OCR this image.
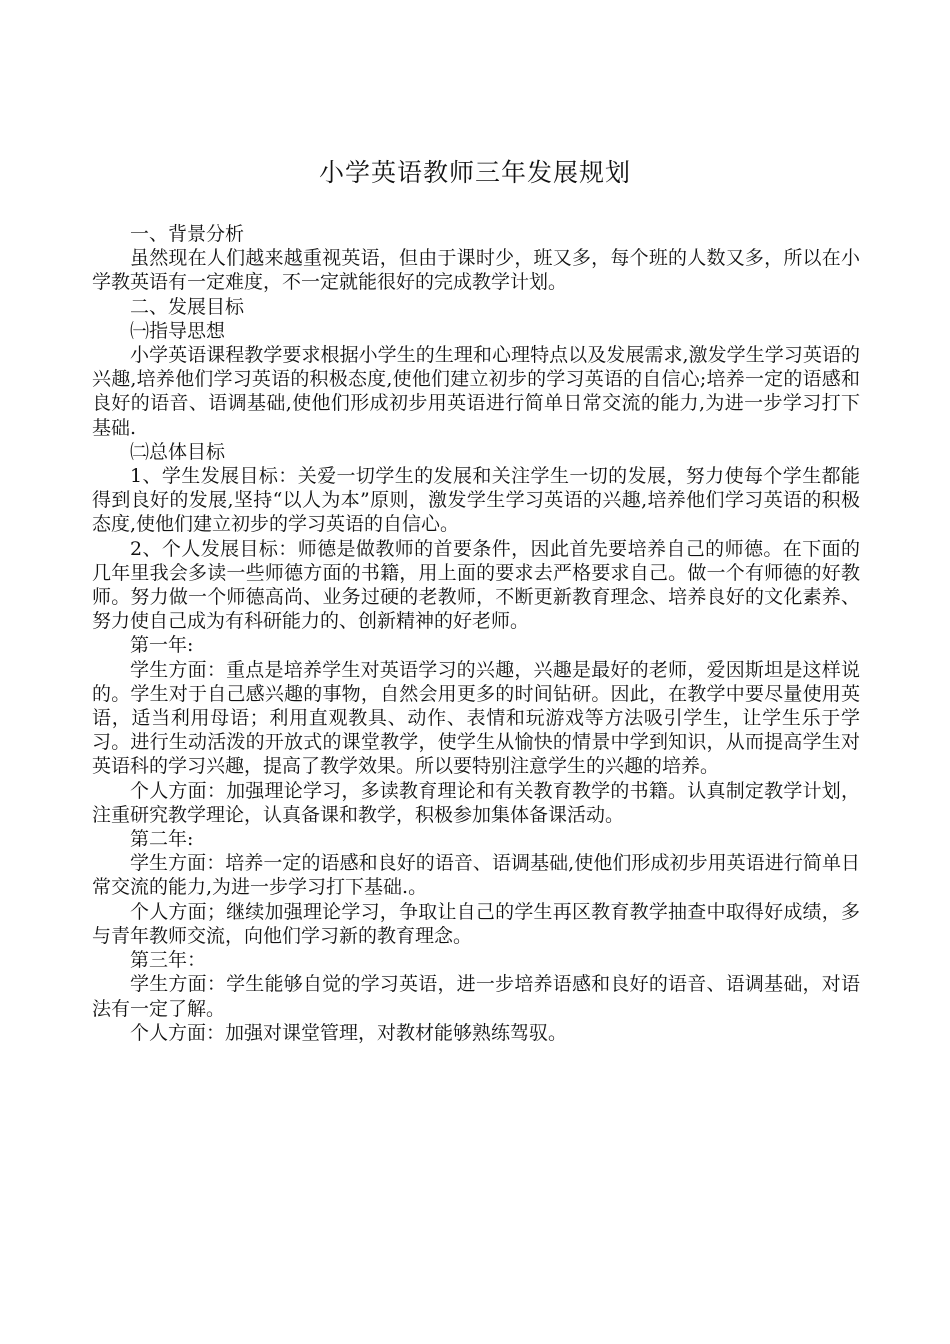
小学英语教师三年发展规划

一、背景分析

虽然现在人们越来越重视英语，但由于课时少，班又多，每个班的人数又多，所以在小学教英语有一定难度，不一定就能很好的完成教学计划。

二、发展目标

㈠指导思想

小学英语课程教学要求根据小学生的生理和心理特点以及发展需求,激发学生学习英语的兴趣,培养他们学习英语的积极态度,使他们建立初步的学习英语的自信心;培养一定的语感和良好的语音、语调基础,使他们形成初步用英语进行简单日常交流的能力,为进一步学习打下基础.

㈡总体目标

1、学生发展目标：关爱一切学生的发展和关注学生一切的发展，努力使每个学生都能得到良好的发展,坚持“以人为本”原则，激发学生学习英语的兴趣,培养他们学习英语的积极态度,使他们建立初步的学习英语的自信心。

2、个人发展目标：师德是做教师的首要条件，因此首先要培养自己的师德。在下面的几年里我会多读一些师德方面的书籍，用上面的要求去严格要求自己。做一个有师德的好教师。努力做一个师德高尚、业务过硬的老教师，不断更新教育理念、培养良好的文化素养、努力使自己成为有科研能力的、创新精神的好老师。

第一年:

学生方面：重点是培养学生对英语学习的兴趣，兴趣是最好的老师，爱因斯坦是这样说的。学生对于自己感兴趣的事物，自然会用更多的时间钻研。因此，在教学中要尽量使用英语，适当利用母语；利用直观教具、动作、表情和玩游戏等方法吸引学生，让学生乐于学习。进行生动活泼的开放式的课堂教学，使学生从愉快的情景中学到知识，从而提高学生对英语科的学习兴趣，提高了教学效果。所以要特别注意学生的兴趣的培养。

个人方面：加强理论学习，多读教育理论和有关教育教学的书籍。认真制定教学计划，注重研究教学理论，认真备课和教学，积极参加集体备课活动。

第二年:

学生方面：培养一定的语感和良好的语音、语调基础,使他们形成初步用英语进行简单日常交流的能力,为进一步学习打下基础.。

个人方面；继续加强理论学习，争取让自己的学生再区教育教学抽查中取得好成绩，多与青年教师交流，向他们学习新的教育理念。

第三年：

学生方面：学生能够自觉的学习英语，进一步培养语感和良好的语音、语调基础，对语法有一定了解。

个人方面：加强对课堂管理，对教材能够熟练驾驭。
